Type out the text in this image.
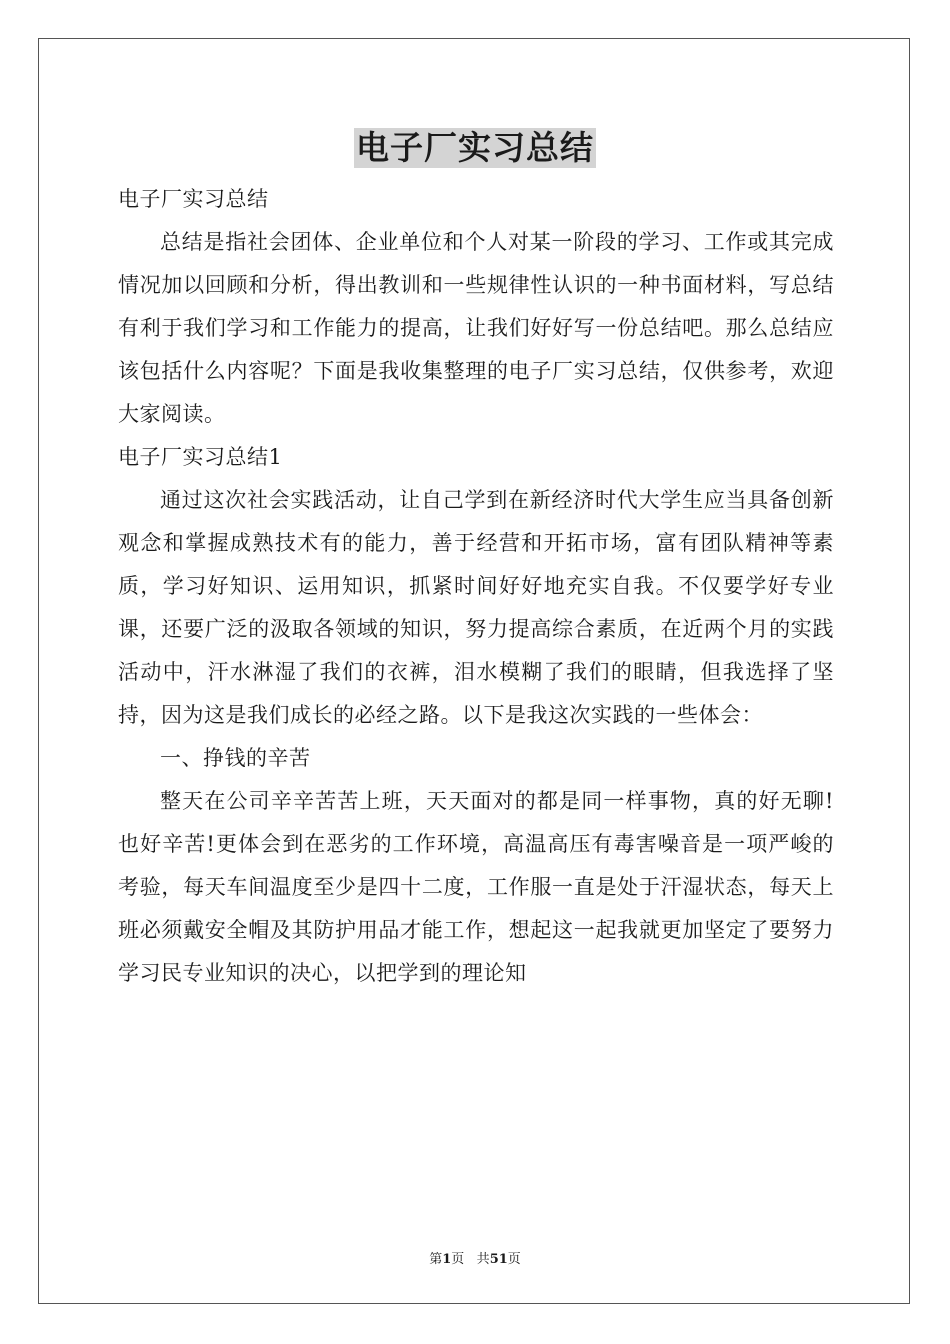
电子厂实习总结

电子厂实习总结

总结是指社会团体、企业单位和个人对某一阶段的学习、工作或其完成情况加以回顾和分析，得出教训和一些规律性认识的一种书面材料，写总结有利于我们学习和工作能力的提高，让我们好好写一份总结吧。那么总结应该包括什么内容呢？下面是我收集整理的电子厂实习总结，仅供参考，欢迎大家阅读。

电子厂实习总结1

通过这次社会实践活动，让自己学到在新经济时代大学生应当具备创新观念和掌握成熟技术有的能力，善于经营和开拓市场，富有团队精神等素质，学习好知识、运用知识，抓紧时间好好地充实自我。不仅要学好专业课，还要广泛的汲取各领域的知识，努力提高综合素质，在近两个月的实践活动中，汗水淋湿了我们的衣裤，泪水模糊了我们的眼睛，但我选择了坚持，因为这是我们成长的必经之路。以下是我这次实践的一些体会：

一、挣钱的辛苦

整天在公司辛辛苦苦上班，天天面对的都是同一样事物，真的好无聊!也好辛苦!更体会到在恶劣的工作环境，高温高压有毒害噪音是一项严峻的考验，每天车间温度至少是四十二度，工作服一直是处于汗湿状态，每天上班必须戴安全帽及其防护用品才能工作，想起这一起我就更加坚定了要努力学习民专业知识的决心，以把学到的理论知

第1页 共51页
